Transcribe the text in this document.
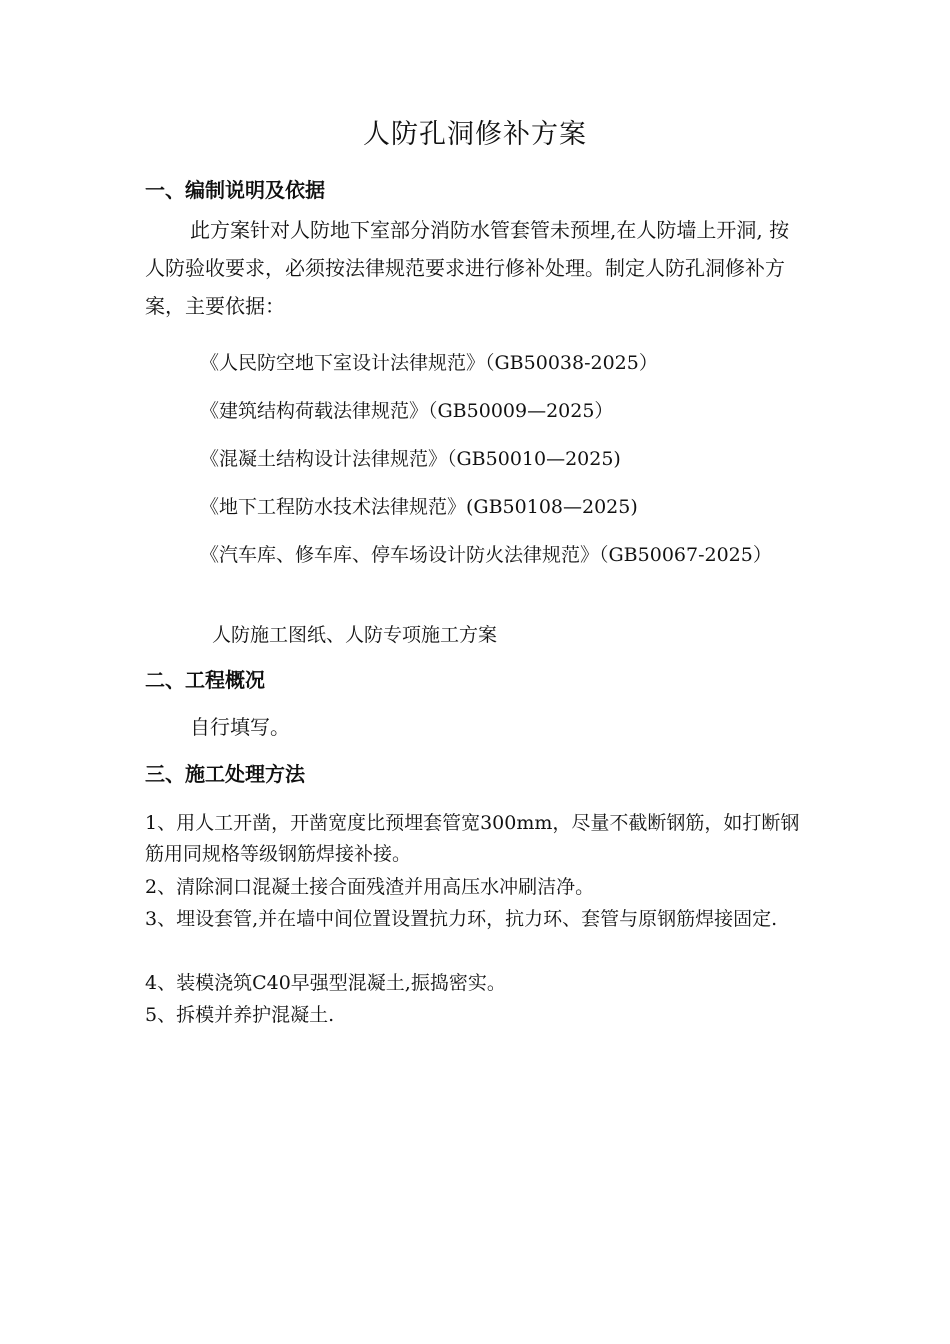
人防孔洞修补方案
一、编制说明及依据

此方案针对人防地下室部分消防水管套管未预埋,在人防墙上开洞, 按人防验收要求，必须按法律规范要求进行修补处理。制定人防孔洞修补方案，主要依据：

《人民防空地下室设计法律规范》（GB50038-2025）

《建筑结构荷载法律规范》（GB50009—2025）

《混凝土结构设计法律规范》（GB50010—2025)

《地下工程防水技术法律规范》(GB50108—2025)

《汽车库、修车库、停车场设计防火法律规范》（GB50067-2025）

人防施工图纸、人防专项施工方案

二、工程概况

自行填写。

三、施工处理方法

1、用人工开凿，开凿宽度比预埋套管宽300mm，尽量不截断钢筋，如打断钢筋用同规格等级钢筋焊接补接。

2、清除洞口混凝土接合面残渣并用高压水冲刷洁净。

3、埋设套管,并在墙中间位置设置抗力环，抗力环、套管与原钢筋焊接固定.

4、装模浇筑C40早强型混凝土,振捣密实。

5、拆模并养护混凝土.
